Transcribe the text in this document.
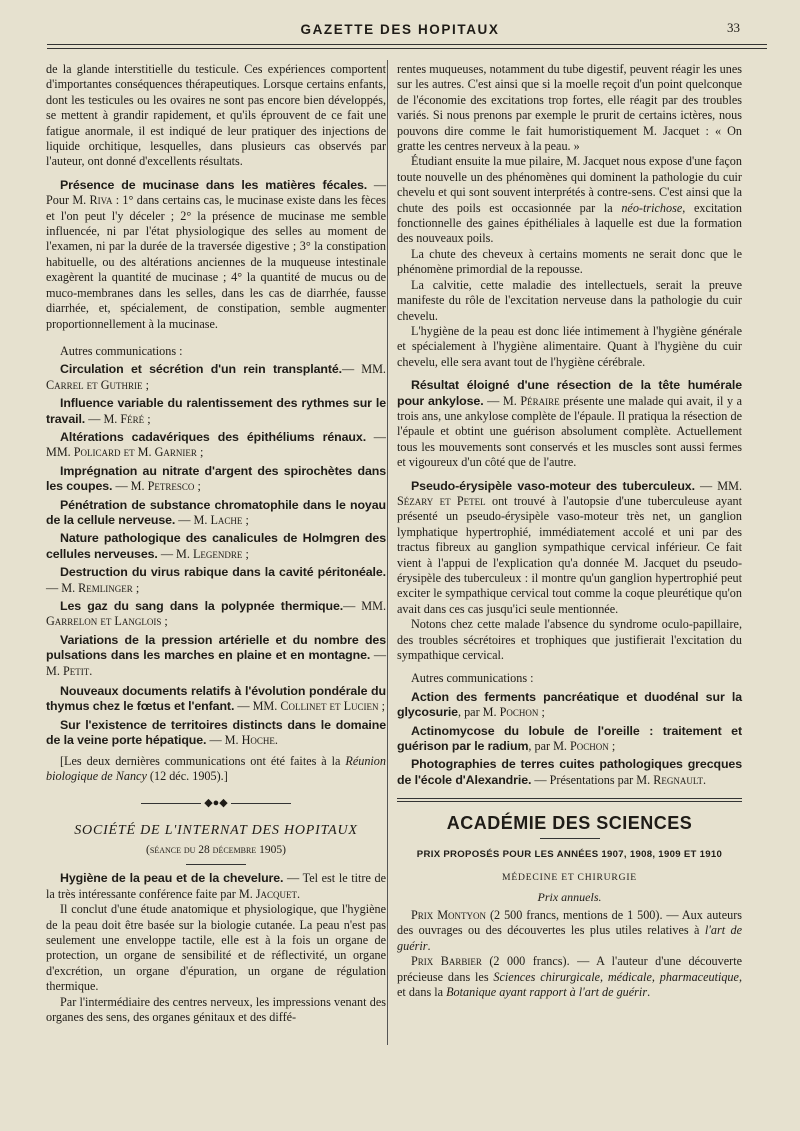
GAZETTE DES HOPITAUX	33

de la glande interstitielle du testicule. Ces expériences comportent d'importantes conséquences thérapeutiques. Lorsque certains enfants, dont les testicules ou les ovaires ne sont pas encore bien développés, se mettent à grandir rapidement, et qu'ils éprouvent de ce fait une fatigue anormale, il est indiqué de leur pratiquer des injections de liquide orchitique, lesquelles, dans plusieurs cas observés par l'auteur, ont donné d'excellents résultats.

Présence de mucinase dans les matières fécales. — Pour M. Riva : 1° dans certains cas, le mucinase existe dans les fèces et l'on peut l'y déceler ; 2° la présence de mucinase me semble influencée, ni par l'état physiologique des selles au moment de l'examen, ni par la durée de la traversée digestive ; 3° la constipation habituelle, ou des altérations anciennes de la muqueuse intestinale exagèrent la quantité de mucinase ; 4° la quantité de mucus ou de muco-membranes dans les selles, dans les cas de diarrhée, fausse diarrhée, et, spécialement, de constipation, semble augmenter proportionnellement à la mucinase.

Autres communications :

Circulation et sécrétion d'un rein transplanté.— MM. Carrel et Guthrie ;

Influence variable du ralentissement des rythmes sur le travail. — M. Féré ;

Altérations cadavériques des épithéliums rénaux. — MM. Policard et M. Garnier ;

Imprégnation au nitrate d'argent des spirochètes dans les coupes. — M. Petresco ;

Pénétration de substance chromatophile dans le noyau de la cellule nerveuse. — M. Lache ;

Nature pathologique des canalicules de Holmgren des cellules nerveuses. — M. Legendre ;

Destruction du virus rabique dans la cavité péritonéale. — M. Remlinger ;

Les gaz du sang dans la polypnée thermique.— MM. Garrelon et Langlois ;

Variations de la pression artérielle et du nombre des pulsations dans les marches en plaine et en montagne. — M. Petit.

Nouveaux documents relatifs à l'évolution pondérale du thymus chez le fœtus et l'enfant. — MM. Collinet et Lucien ;

Sur l'existence de territoires distincts dans le domaine de la veine porte hépatique. — M. Hoche.

[Les deux dernières communications ont été faites à la Réunion biologique de Nancy (12 déc. 1905).]

◆●◆

SOCIÉTÉ DE L'INTERNAT DES HOPITAUX

(séance du 28 décembre 1905)

Hygiène de la peau et de la chevelure. — Tel est le titre de la très intéressante conférence faite par M. Jacquet.

Il conclut d'une étude anatomique et physiologique, que l'hygiène de la peau doit être basée sur la biologie cutanée. La peau n'est pas seulement une enveloppe tactile, elle est à la fois un organe de protection, un organe de sensibilité et de réflectivité, un organe d'excrétion, un organe d'épuration, un organe de régulation thermique.

Par l'intermédiaire des centres nerveux, les impressions venant des organes des sens, des organes génitaux et des diffé-

rentes muqueuses, notamment du tube digestif, peuvent réagir les unes sur les autres. C'est ainsi que si la moelle reçoit d'un point quelconque de l'économie des excitations trop fortes, elle réagit par des troubles variés. Si nous prenons par exemple le prurit de certains ictères, nous pouvons dire comme le fait humoristiquement M. Jacquet : « On gratte les centres nerveux à la peau. »

Étudiant ensuite la mue pilaire, M. Jacquet nous expose d'une façon toute nouvelle un des phénomènes qui dominent la pathologie du cuir chevelu et qui sont souvent interprétés à contre-sens. C'est ainsi que la chute des poils est occasionnée par la néo-trichose, excitation fonctionnelle des gaines épithéliales à laquelle est due la formation des nouveaux poils.

La chute des cheveux à certains moments ne serait donc que le phénomène primordial de la repousse.

La calvitie, cette maladie des intellectuels, serait la preuve manifeste du rôle de l'excitation nerveuse dans la pathologie du cuir chevelu.

L'hygiène de la peau est donc liée intimement à l'hygiène générale et spécialement à l'hygiène alimentaire. Quant à l'hygiène du cuir chevelu, elle sera avant tout de l'hygiène cérébrale.

Résultat éloigné d'une résection de la tête humérale pour ankylose. — M. Péraire présente une malade qui avait, il y a trois ans, une ankylose complète de l'épaule. Il pratiqua la résection de l'épaule et obtint une guérison absolument complète. Actuellement tous les mouvements sont conservés et les muscles sont aussi fermes et vigoureux d'un côté que de l'autre.

Pseudo-érysipèle vaso-moteur des tuberculeux. — MM. Sézary et Petel ont trouvé à l'autopsie d'une tuberculeuse ayant présenté un pseudo-érysipèle vaso-moteur très net, un ganglion lymphatique hypertrophié, immédiatement accolé et uni par des tractus fibreux au ganglion sympathique cervical inférieur. Ce fait vient à l'appui de l'explication qu'a donnée M. Jacquet du pseudo-érysipèle des tuberculeux : il montre qu'un ganglion hypertrophié peut exciter le sympathique cervical tout comme la coque pleurétique qu'on avait dans ces cas jusqu'ici seule mentionnée.

Notons chez cette malade l'absence du syndrome oculo-papillaire, des troubles sécrétoires et trophiques que justifierait l'excitation du sympathique cervical.

Autres communications :

Action des ferments pancréatique et duodénal sur la glycosurie, par M. Pochon ;

Actinomycose du lobule de l'oreille : traitement et guérison par le radium, par M. Pochon ;

Photographies de terres cuites pathologiques grecques de l'école d'Alexandrie. — Présentations par M. Regnault.

ACADÉMIE DES SCIENCES

PRIX PROPOSÉS POUR LES ANNÉES 1907, 1908, 1909 ET 1910

MÉDECINE ET CHIRURGIE

Prix annuels.

Prix Montyon (2 500 francs, mentions de 1 500). — Aux auteurs des ouvrages ou des découvertes les plus utiles relatives à l'art de guérir.

Prix Barbier (2 000 francs). — A l'auteur d'une découverte précieuse dans les Sciences chirurgicale, médicale, pharmaceutique, et dans la Botanique ayant rapport à l'art de guérir.
